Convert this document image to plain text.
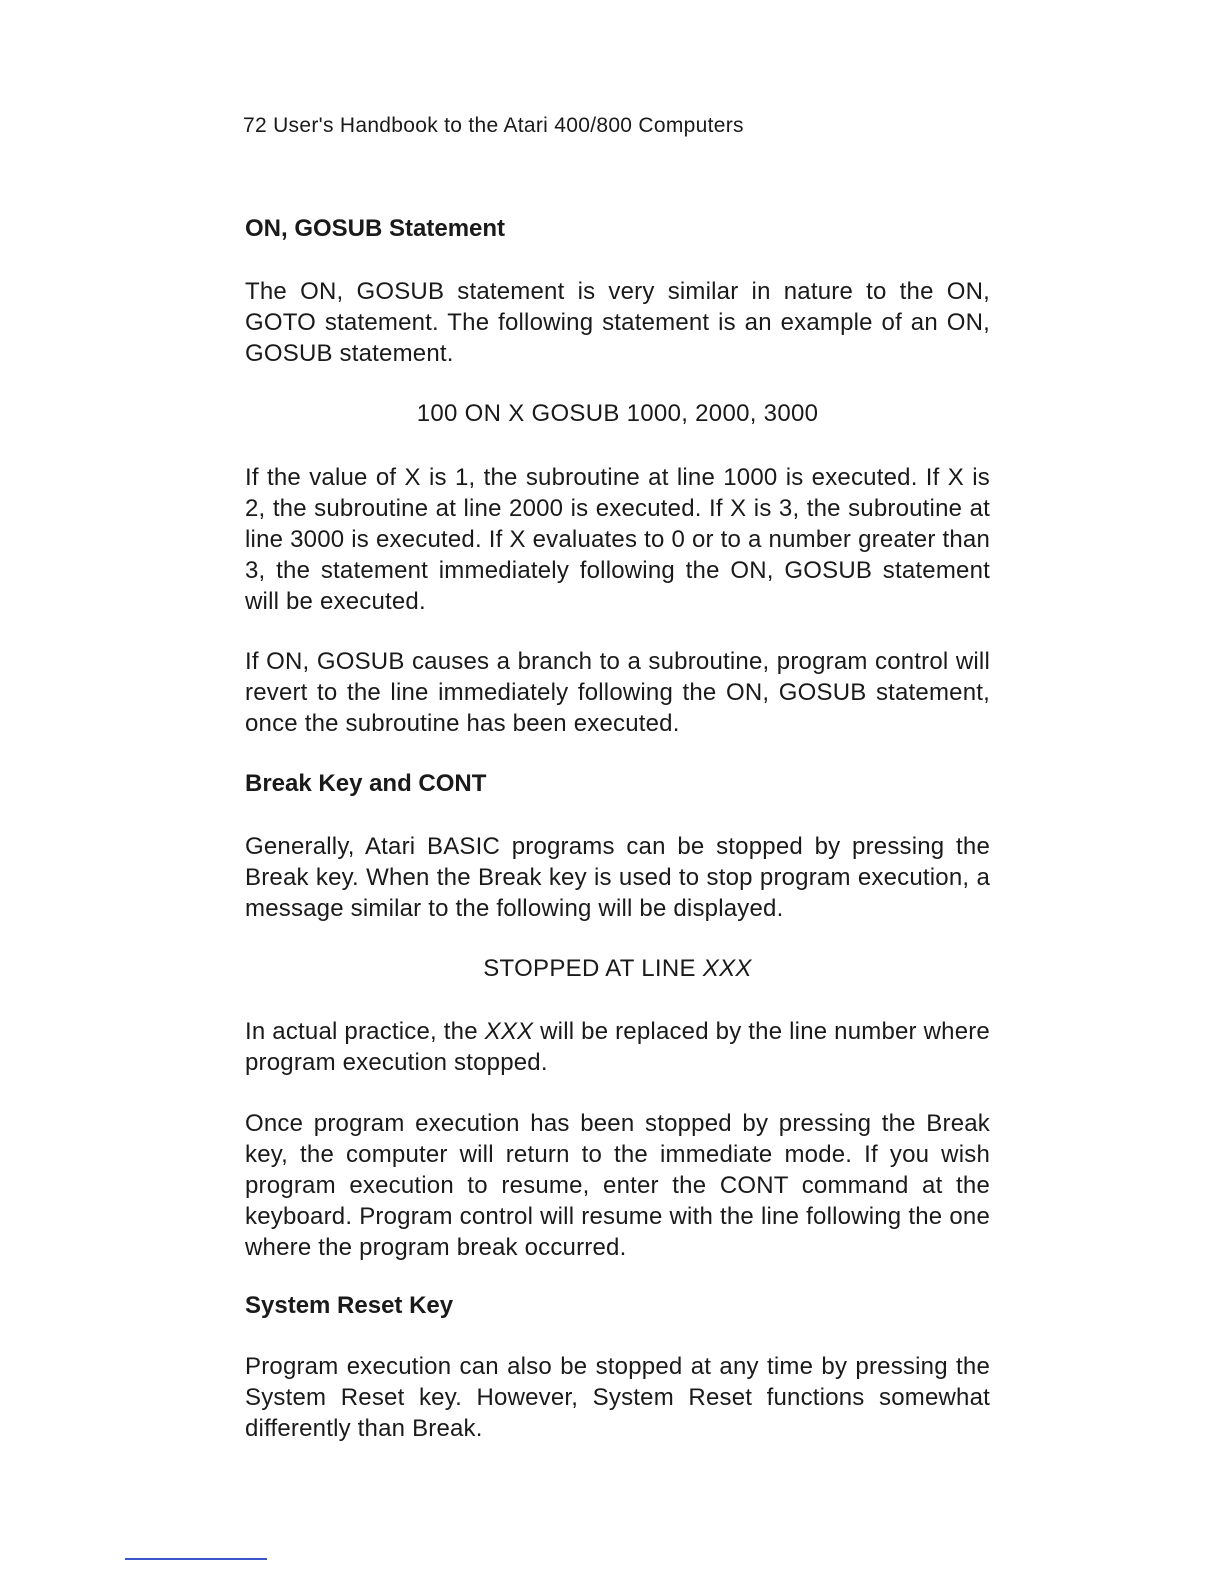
72 User's Handbook to the Atari 400/800 Computers
ON, GOSUB Statement
The ON, GOSUB statement is very similar in nature to the ON, GOTO statement. The following statement is an example of an ON, GOSUB statement.
100 ON X GOSUB 1000, 2000, 3000
If the value of X is 1, the subroutine at line 1000 is executed. If X is 2, the subroutine at line 2000 is executed. If X is 3, the subroutine at line 3000 is executed. If X evaluates to 0 or to a number greater than 3, the statement immediately following the ON, GOSUB statement will be executed.
If ON, GOSUB causes a branch to a subroutine, program control will revert to the line immediately following the ON, GOSUB statement, once the subroutine has been executed.
Break Key and CONT
Generally, Atari BASIC programs can be stopped by pressing the Break key. When the Break key is used to stop program execution, a message similar to the following will be displayed.
STOPPED AT LINE XXX
In actual practice, the XXX will be replaced by the line number where program execution stopped.
Once program execution has been stopped by pressing the Break key, the computer will return to the immediate mode. If you wish program execution to resume, enter the CONT command at the keyboard. Program control will resume with the line following the one where the program break occurred.
System Reset Key
Program execution can also be stopped at any time by pressing the System Reset key. However, System Reset functions somewhat differently than Break.
